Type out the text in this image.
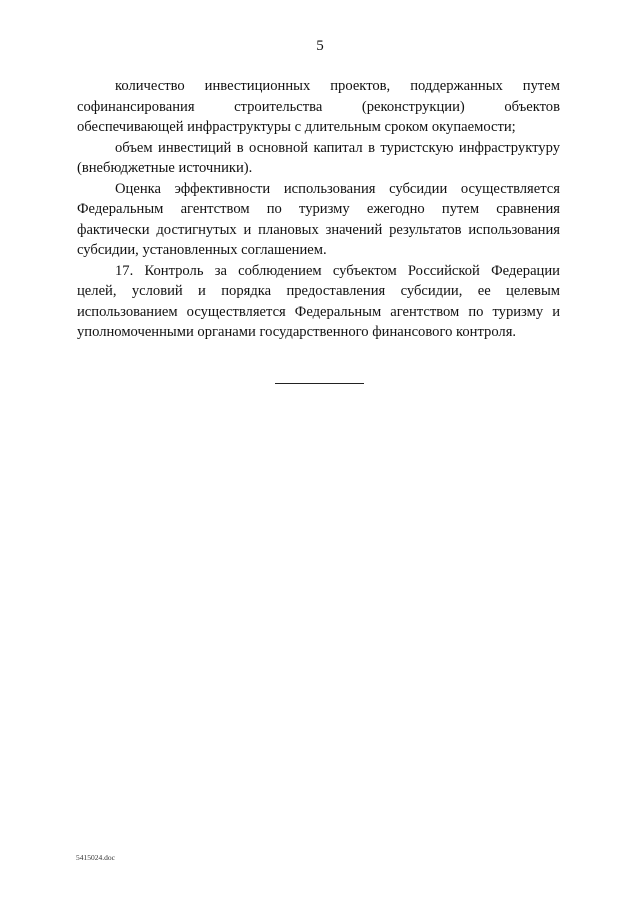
5
количество инвестиционных проектов, поддержанных путем
софинансирования строительства (реконструкции) объектов
обеспечивающей инфраструктуры с длительным сроком окупаемости;
объем инвестиций в основной капитал в туристскую инфраструктуру
(внебюджетные источники).
Оценка эффективности использования субсидии осуществляется
Федеральным агентством по туризму ежегодно путем сравнения
фактически достигнутых и плановых значений результатов использования
субсидии, установленных соглашением.
17. Контроль за соблюдением субъектом Российской Федерации
целей, условий и порядка предоставления субсидии, ее целевым
использованием осуществляется Федеральным агентством по туризму и
уполномоченными органами государственного финансового контроля.
5415024.doc
